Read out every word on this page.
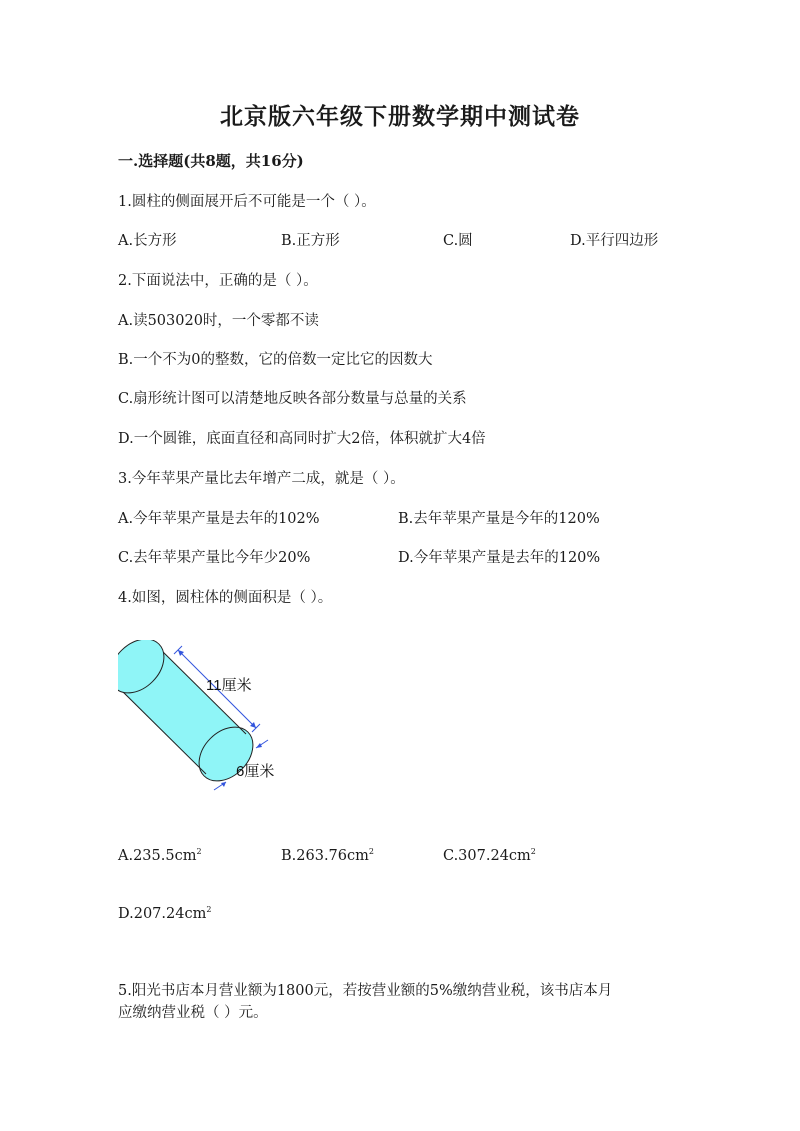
北京版六年级下册数学期中测试卷
一.选择题(共8题，共16分)
1.圆柱的侧面展开后不可能是一个（ ）。
A.长方形	B.正方形	C.圆	D.平行四边形
2.下面说法中，正确的是（ ）。
A.读503020时，一个零都不读
B.一个不为0的整数，它的倍数一定比它的因数大
C.扇形统计图可以清楚地反映各部分数量与总量的关系
D.一个圆锥，底面直径和高同时扩大2倍，体积就扩大4倍
3.今年苹果产量比去年增产二成，就是（ ）。
A.今年苹果产量是去年的102%	B.去年苹果产量是今年的120%
C.去年苹果产量比今年少20%	D.今年苹果产量是去年的120%
4.如图，圆柱体的侧面积是（ ）。
11厘米
6厘米
$A.235.5cm^2$	$B.263.76cm^2$	$C.307.24cm^2$
$D.207.24cm^2$
5.阳光书店本月营业额为1800元，若按营业额的5%缴纳营业税，该书店本月
应缴纳营业税（ ）元。
